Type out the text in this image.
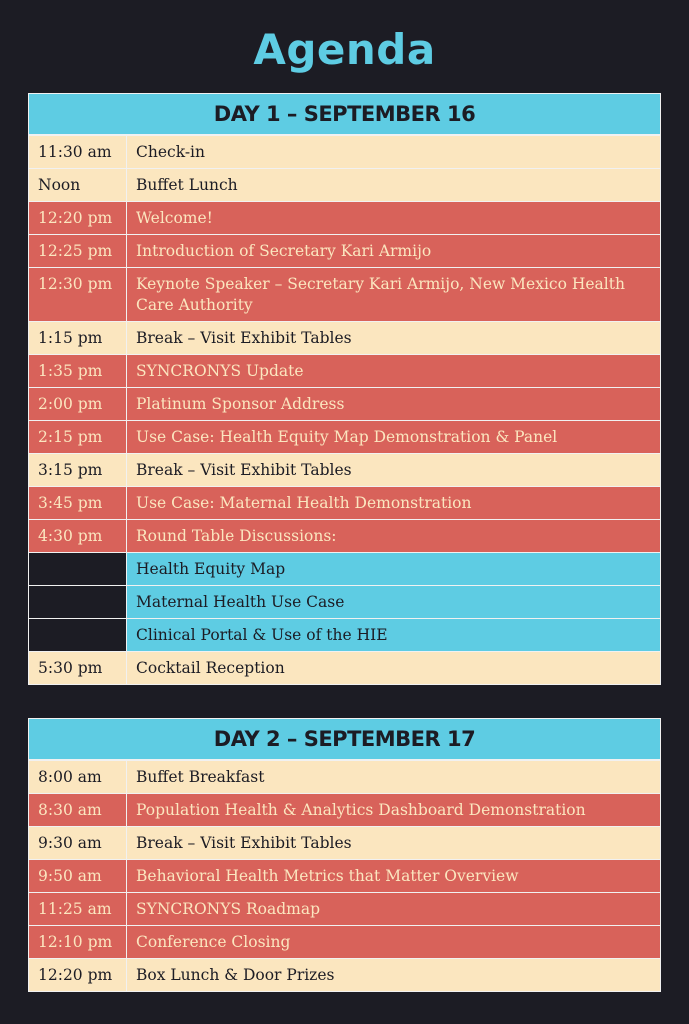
Agenda
DAY 1 – SEPTEMBER 16
11:30 am	Check-in
Noon	Buffet Lunch
12:20 pm	Welcome!
12:25 pm	Introduction of Secretary Kari Armijo
12:30 pm	Keynote Speaker – Secretary Kari Armijo, New Mexico Health Care Authority
1:15 pm	Break – Visit Exhibit Tables
1:35 pm	SYNCRONYS Update
2:00 pm	Platinum Sponsor Address
2:15 pm	Use Case: Health Equity Map Demonstration & Panel
3:15 pm	Break – Visit Exhibit Tables
3:45 pm	Use Case: Maternal Health Demonstration
4:30 pm	Round Table Discussions:
Health Equity Map
Maternal Health Use Case
Clinical Portal & Use of the HIE
5:30 pm	Cocktail Reception
DAY 2 – SEPTEMBER 17
8:00 am	Buffet Breakfast
8:30 am	Population Health & Analytics Dashboard Demonstration
9:30 am	Break – Visit Exhibit Tables
9:50 am	Behavioral Health Metrics that Matter Overview
11:25 am	SYNCRONYS Roadmap
12:10 pm	Conference Closing
12:20 pm	Box Lunch & Door Prizes
